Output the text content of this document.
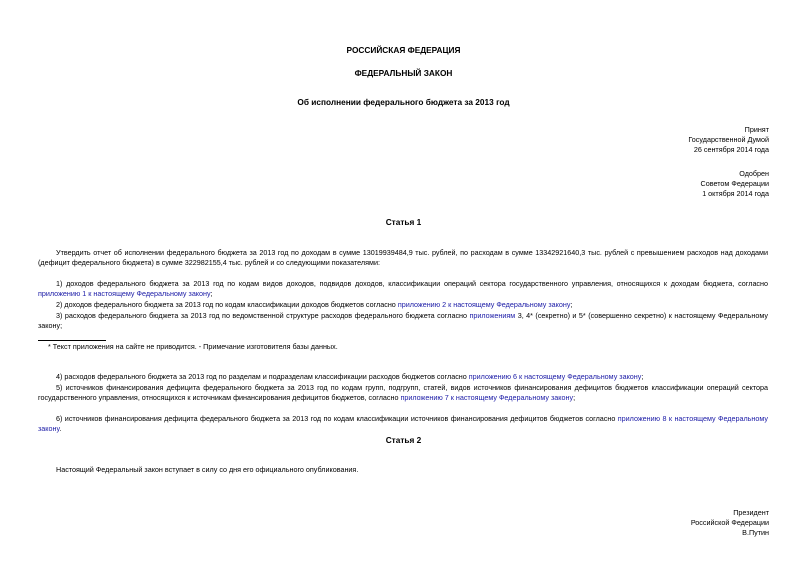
РОССИЙСКАЯ ФЕДЕРАЦИЯ
ФЕДЕРАЛЬНЫЙ ЗАКОН
Об исполнении федерального бюджета за 2013 год
Принят
Государственной Думой
26 сентября 2014 года
Одобрен
Советом Федерации
1 октября 2014 года
Статья 1
Утвердить отчет об исполнении федерального бюджета за 2013 год по доходам в сумме 13019939484,9 тыс. рублей, по расходам в сумме 13342921640,3 тыс. рублей с превышением расходов над доходами (дефицит федерального бюджета) в сумме 322982155,4 тыс. рублей и со следующими показателями:
1) доходов федерального бюджета за 2013 год по кодам видов доходов, подвидов доходов, классификации операций сектора государственного управления, относящихся к доходам бюджета, согласно приложению 1 к настоящему Федеральному закону;
2) доходов федерального бюджета за 2013 год по кодам классификации доходов бюджетов согласно приложению 2 к настоящему Федеральному закону;
3) расходов федерального бюджета за 2013 год по ведомственной структуре расходов федерального бюджета согласно приложениям 3, 4* (секретно) и 5* (совершенно секретно) к настоящему Федеральному закону;
* Текст приложения на сайте не приводится. - Примечание изготовителя базы данных.
4) расходов федерального бюджета за 2013 год по разделам и подразделам классификации расходов бюджетов согласно приложению 6 к настоящему Федеральному закону;
5) источников финансирования дефицита федерального бюджета за 2013 год по кодам групп, подгрупп, статей, видов источников финансирования дефицитов бюджетов классификации операций сектора государственного управления, относящихся к источникам финансирования дефицитов бюджетов, согласно приложению 7 к настоящему Федеральному закону;
6) источников финансирования дефицита федерального бюджета за 2013 год по кодам классификации источников финансирования дефицитов бюджетов согласно приложению 8 к настоящему Федеральному закону.
Статья 2
Настоящий Федеральный закон вступает в силу со дня его официального опубликования.
Президент
Российской Федерации
В.Путин
